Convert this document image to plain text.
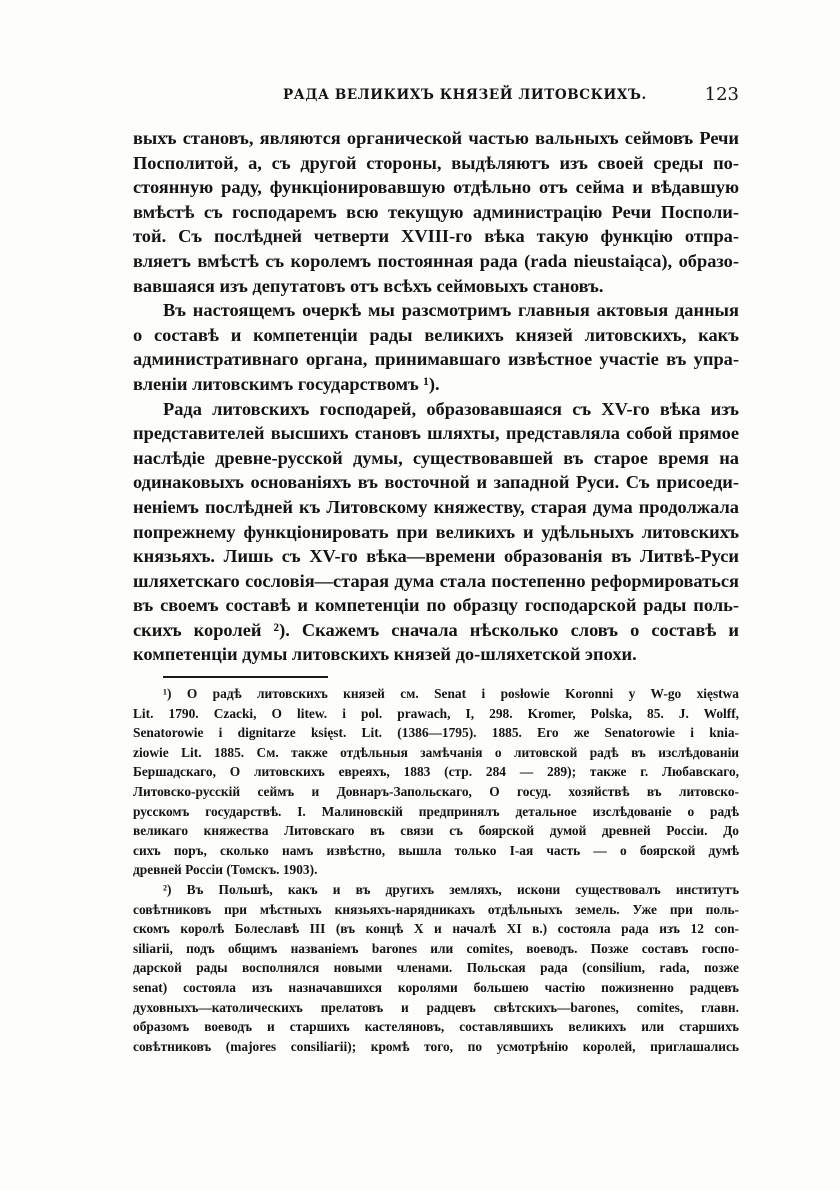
РАДА ВЕЛИКИХЪ КНЯЗЕЙ ЛИТОВСКИХЪ.	123
выхъ становъ, являются органической частью вальныхъ сеймовъ Речи
Посполитой, а, съ другой стороны, выдѣляютъ изъ своей среды по-
стоянную раду, функціонировавшую отдѣльно отъ сейма и вѣдавшую
вмѣстѣ съ господаремъ всю текущую администрацію Речи Посполи-
той. Съ послѣдней четверти XVIII-го вѣка такую функцію отпра-
вляетъ вмѣстѣ съ королемъ постоянная рада (rada nieustaiąca), образо-
вавшаяся изъ депутатовъ отъ всѣхъ сеймовыхъ становъ.
Въ настоящемъ очеркѣ мы разсмотримъ главныя актовыя данныя
о составѣ и компетенціи рады великихъ князей литовскихъ, какъ
административнаго органа, принимавшаго извѣстное участіе въ упра-
вленіи литовскимъ государствомъ ¹).
Рада литовскихъ господарей, образовавшаяся съ XV-го вѣка изъ
представителей высшихъ становъ шляхты, представляла собой прямое
наслѣдіе древне-русской думы, существовавшей въ старое время на
одинаковыхъ основаніяхъ въ восточной и западной Руси. Съ присоеди-
неніемъ послѣдней къ Литовскому княжеству, старая дума продолжала
попрежнему функціонировать при великихъ и удѣльныхъ литовскихъ
князьяхъ. Лишь съ XV-го вѣка—времени образованія въ Литвѣ-Руси
шляхетскаго сословія—старая дума стала постепенно реформироваться
въ своемъ составѣ и компетенціи по образцу господарской рады поль-
скихъ королей ²). Скажемъ сначала нѣсколько словъ о составѣ и
компетенціи думы литовскихъ князей до-шляхетской эпохи.
¹) О радѣ литовскихъ князей см. Senat i posłowie Koronni y W-go xięstwa
Lit. 1790. Czacki, O litew. i pol. prawach, I, 298. Kromer, Polska, 85. J. Wolff,
Senatorowie i dignitarze księst. Lit. (1386—1795). 1885. Его же Senatorowie i knia-
ziowie Lit. 1885. См. также отдѣльныя замѣчанія о литовской радѣ въ изслѣдованіи
Бершадскаго, О литовскихъ евреяхъ, 1883 (стр. 284 — 289); также г. Любавскаго,
Литовско-русскій сеймъ и Довнаръ-Запольскаго, О госуд. хозяйствѣ въ литовско-
русскомъ государствѣ. І. Малиновскій предпринялъ детальное изслѣдованіе о радѣ
великаго княжества Литовскаго въ связи съ боярской думой древней Россіи. До
сихъ поръ, сколько намъ извѣстно, вышла только I-ая часть — о боярской думѣ
древней Россіи (Томскъ. 1903).
²) Въ Польшѣ, какъ и въ другихъ земляхъ, искони существовалъ институтъ
совѣтниковъ при мѣстныхъ князьяхъ-нарядникахъ отдѣльныхъ земель. Уже при поль-
скомъ королѣ Болеславѣ III (въ концѣ X и началѣ XI в.) состояла рада изъ 12 con-
siliarii, подъ общимъ названіемъ barones или comites, воеводъ. Позже составъ госпо-
дарской рады восполнялся новыми членами. Польская рада (consilium, rada, позже
senat) состояла изъ назначавшихся королями большею частію пожизненно радцевъ
духовныхъ—католическихъ прелатовъ и радцевъ свѣтскихъ—barones, comites, главн.
образомъ воеводъ и старшихъ кастеляновъ, составлявшихъ великихъ или старшихъ
совѣтниковъ (majores consiliarii); кромѣ того, по усмотрѣнію королей, приглашались
